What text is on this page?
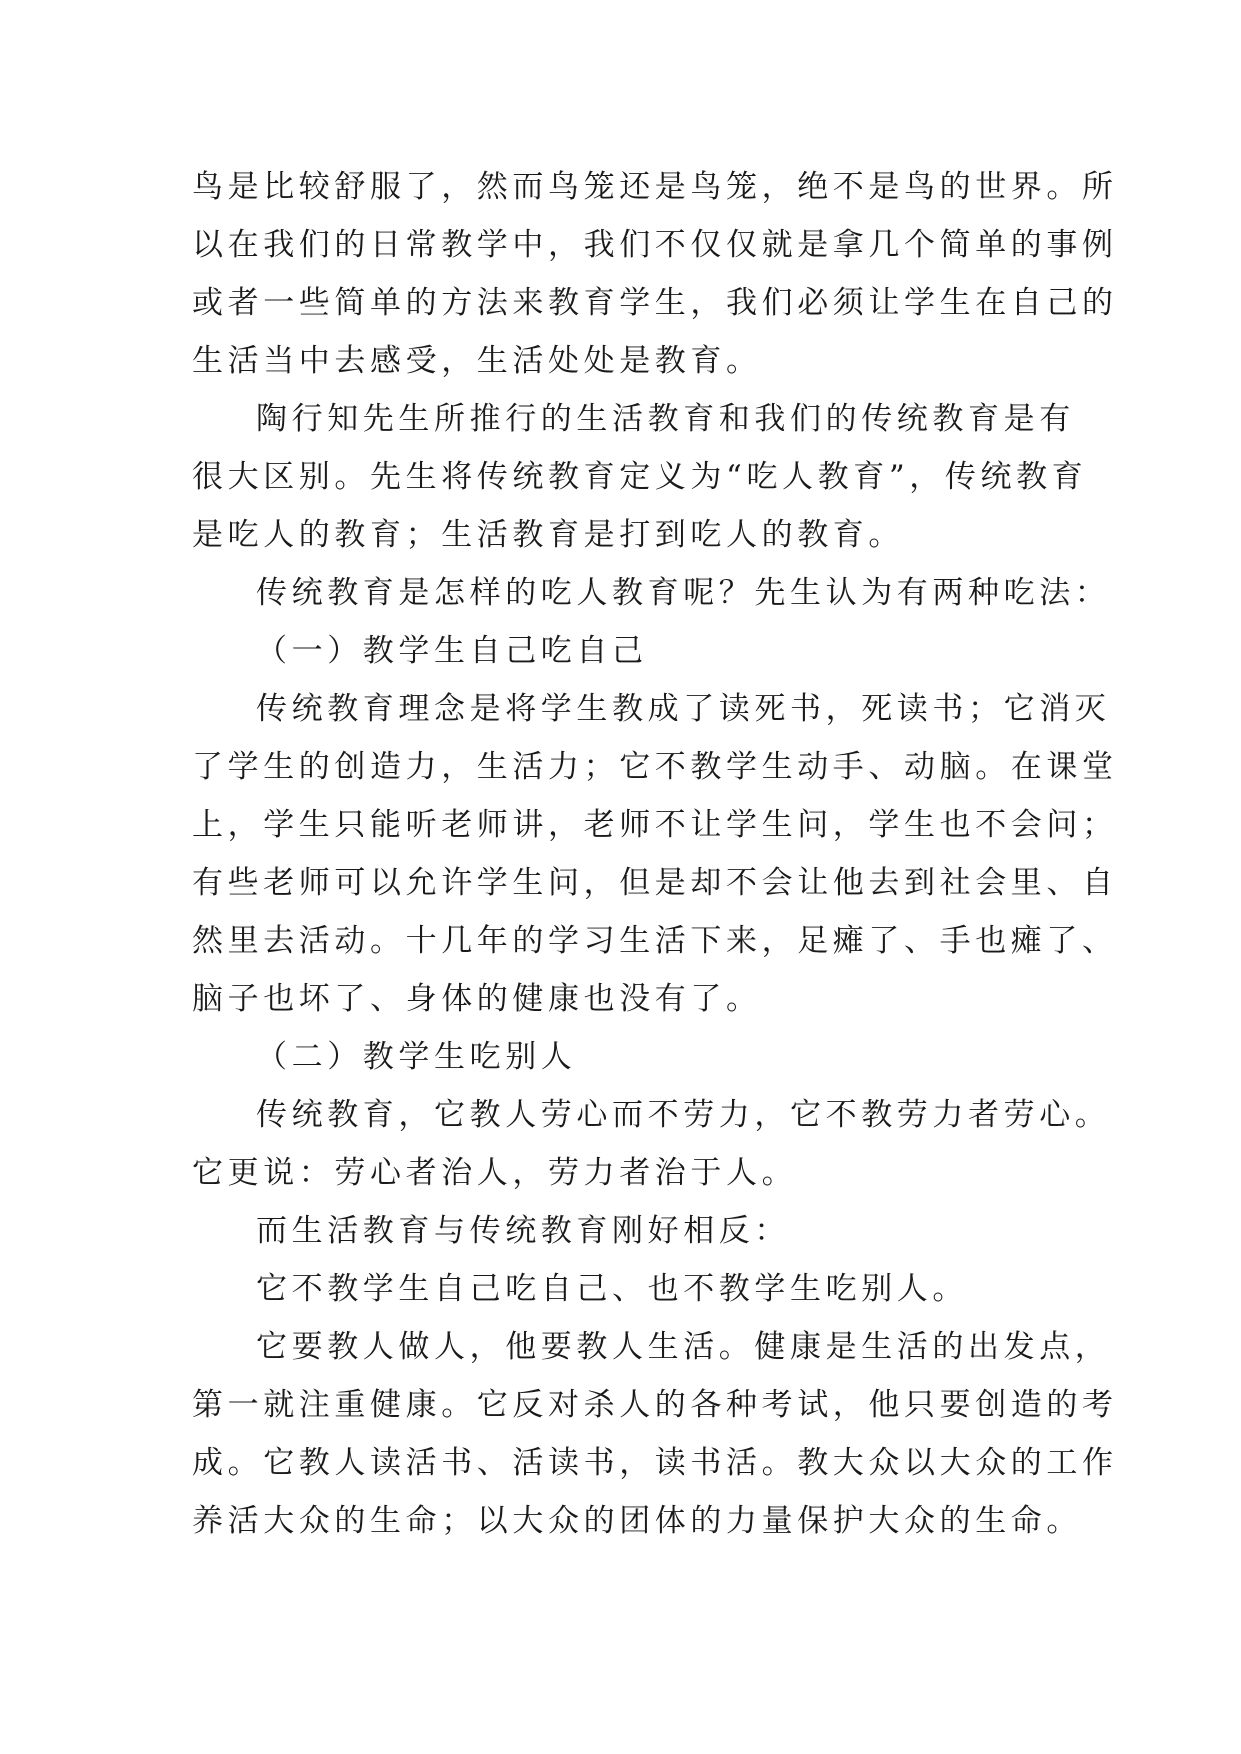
鸟是比较舒服了，然而鸟笼还是鸟笼，绝不是鸟的世界。所
以在我们的日常教学中，我们不仅仅就是拿几个简单的事例
或者一些简单的方法来教育学生，我们必须让学生在自己的
生活当中去感受，生活处处是教育。
陶行知先生所推行的生活教育和我们的传统教育是有
很大区别。先生将传统教育定义为“吃人教育”，传统教育
是吃人的教育；生活教育是打到吃人的教育。
传统教育是怎样的吃人教育呢？先生认为有两种吃法：
（一）教学生自己吃自己
传统教育理念是将学生教成了读死书，死读书；它消灭
了学生的创造力，生活力；它不教学生动手、动脑。在课堂
上，学生只能听老师讲，老师不让学生问，学生也不会问；
有些老师可以允许学生问，但是却不会让他去到社会里、自
然里去活动。十几年的学习生活下来，足瘫了、手也瘫了、
脑子也坏了、身体的健康也没有了。
（二）教学生吃别人
传统教育，它教人劳心而不劳力，它不教劳力者劳心。
它更说：劳心者治人，劳力者治于人。
而生活教育与传统教育刚好相反：
它不教学生自己吃自己、也不教学生吃别人。
它要教人做人，他要教人生活。健康是生活的出发点，
第一就注重健康。它反对杀人的各种考试，他只要创造的考
成。它教人读活书、活读书，读书活。教大众以大众的工作
养活大众的生命；以大众的团体的力量保护大众的生命。
